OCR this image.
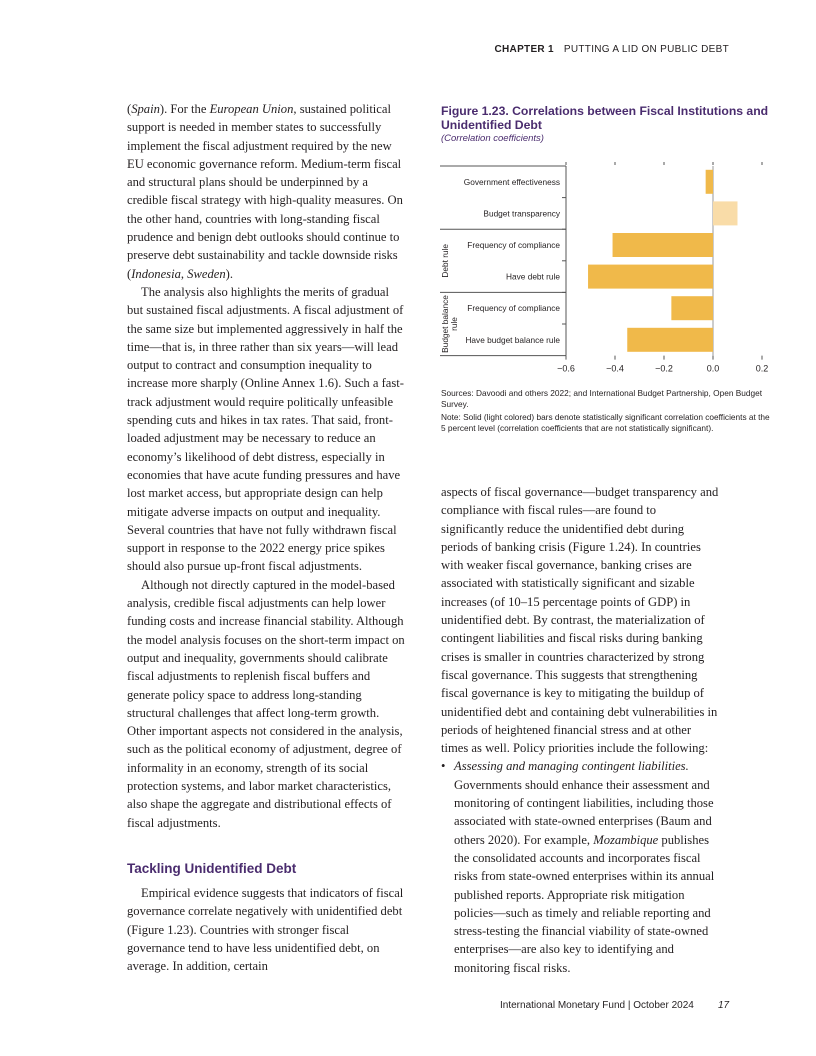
CHAPTER 1 PUTTING A LID ON PUBLIC DEBT

(Spain). For the European Union, sustained political support is needed in member states to successfully implement the fiscal adjustment required by the new EU economic governance reform. Medium-term fiscal and structural plans should be underpinned by a credible fiscal strategy with high-quality measures. On the other hand, countries with long-standing fiscal prudence and benign debt outlooks should continue to preserve debt sustainability and tackle downside risks (Indonesia, Sweden).

The analysis also highlights the merits of gradual but sustained fiscal adjustments. A fiscal adjustment of the same size but implemented aggressively in half the time—that is, in three rather than six years—will lead output to contract and consumption inequality to increase more sharply (Online Annex 1.6). Such a fast-track adjustment would require politically unfeasible spending cuts and hikes in tax rates. That said, front-loaded adjustment may be necessary to reduce an economy’s likelihood of debt distress, especially in economies that have acute funding pressures and have lost market access, but appropriate design can help mitigate adverse impacts on output and inequality. Several countries that have not fully withdrawn fiscal support in response to the 2022 energy price spikes should also pursue up-front fiscal adjustments.

Although not directly captured in the model-based analysis, credible fiscal adjustments can help lower funding costs and increase financial stability. Although the model analysis focuses on the short-term impact on output and inequality, governments should calibrate fiscal adjustments to replenish fiscal buffers and generate policy space to address long-standing structural challenges that affect long-term growth. Other important aspects not considered in the analysis, such as the political economy of adjustment, degree of informality in an economy, strength of its social protection systems, and labor market characteristics, also shape the aggregate and distributional effects of fiscal adjustments.

Tackling Unidentified Debt

Empirical evidence suggests that indicators of fiscal governance correlate negatively with unidentified debt (Figure 1.23). Countries with stronger fiscal governance tend to have less unidentified debt, on average. In addition, certain

Figure 1.23. Correlations between Fiscal Institutions and Unidentified Debt
(Correlation coefficients)
−0.6	−0.4	−0.2	0.0	0.2
Government effectiveness
Budget transparency
Frequency of compliance
Have debt rule
Frequency of compliance
Have budget balance rule
Debt rule
Budget balance rule

Sources: Davoodi and others 2022; and International Budget Partnership, Open Budget Survey.

Note: Solid (light colored) bars denote statistically significant correlation coefficients at the 5 percent level (correlation coefficients that are not statistically significant).

aspects of fiscal governance—budget transparency and compliance with fiscal rules—are found to significantly reduce the unidentified debt during periods of banking crisis (Figure 1.24). In countries with weaker fiscal governance, banking crises are associated with statistically significant and sizable increases (of 10–15 percentage points of GDP) in unidentified debt. By contrast, the materialization of contingent liabilities and fiscal risks during banking crises is smaller in countries characterized by strong fiscal governance. This suggests that strengthening fiscal governance is key to mitigating the buildup of unidentified debt and containing debt vulnerabilities in periods of heightened financial stress and at other times as well. Policy priorities include the following:

• Assessing and managing contingent liabilities. Governments should enhance their assessment and monitoring of contingent liabilities, including those associated with state-owned enterprises (Baum and others 2020). For example, Mozambique publishes the consolidated accounts and incorporates fiscal risks from state-owned enterprises within its annual published reports. Appropriate risk mitigation policies—such as timely and reliable reporting and stress-testing the financial viability of state-owned enterprises—are also key to identifying and monitoring fiscal risks.

International Monetary Fund | October 2024 17
